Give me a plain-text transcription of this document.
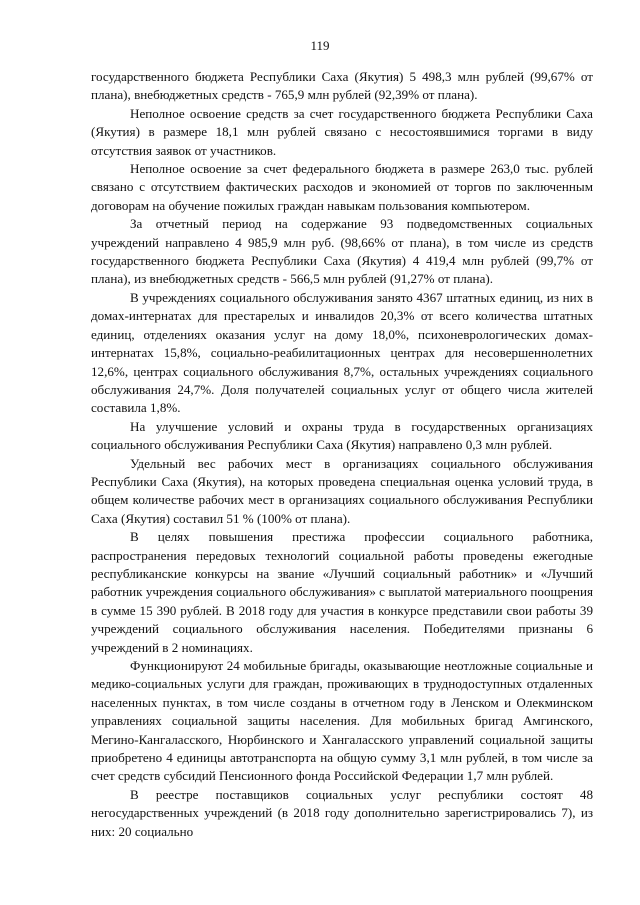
119

государственного бюджета Республики Саха (Якутия) 5 498,3 млн рублей (99,67% от плана), внебюджетных средств - 765,9 млн рублей (92,39% от плана).

Неполное освоение средств за счет государственного бюджета Республики Саха (Якутия) в размере 18,1 млн рублей связано с несостоявшимися торгами в виду отсутствия заявок от участников.

Неполное освоение за счет федерального бюджета в размере 263,0 тыс. рублей связано с отсутствием фактических расходов и экономией от торгов по заключенным договорам на обучение пожилых граждан навыкам пользования компьютером.

За отчетный период на содержание 93 подведомственных социальных учреждений направлено 4 985,9 млн руб. (98,66% от плана), в том числе из средств государственного бюджета Республики Саха (Якутия) 4 419,4 млн рублей (99,7% от плана), из внебюджетных средств - 566,5 млн рублей (91,27% от плана).

В учреждениях социального обслуживания занято 4367 штатных единиц, из них в домах-интернатах для престарелых и инвалидов 20,3% от всего количества штатных единиц, отделениях оказания услуг на дому 18,0%, психоневрологических домах-интернатах 15,8%, социально-реабилитационных центрах для несовершеннолетних 12,6%, центрах социального обслуживания 8,7%, остальных учреждениях социального обслуживания 24,7%. Доля получателей социальных услуг от общего числа жителей составила 1,8%.

На улучшение условий и охраны труда в государственных организациях социального обслуживания Республики Саха (Якутия) направлено 0,3 млн рублей.

Удельный вес рабочих мест в организациях социального обслуживания Республики Саха (Якутия), на которых проведена специальная оценка условий труда, в общем количестве рабочих мест в организациях социального обслуживания Республики Саха (Якутия) составил 51 % (100% от плана).

В целях повышения престижа профессии социального работника, распространения передовых технологий социальной работы проведены ежегодные республиканские конкурсы на звание «Лучший социальный работник» и «Лучший работник учреждения социального обслуживания» с выплатой материального поощрения в сумме 15 390 рублей. В 2018 году для участия в конкурсе представили свои работы 39 учреждений социального обслуживания населения. Победителями признаны 6 учреждений в 2 номинациях.

Функционируют 24 мобильные бригады, оказывающие неотложные социальные и медико-социальных услуги для граждан, проживающих в труднодоступных отдаленных населенных пунктах, в том числе созданы в отчетном году в Ленском и Олекминском управлениях социальной защиты населения. Для мобильных бригад Амгинского, Мегино-Кангаласского, Нюрбинского и Хангаласского управлений социальной защиты приобретено 4 единицы автотранспорта на общую сумму 3,1 млн рублей, в том числе за счет средств субсидий Пенсионного фонда Российской Федерации 1,7 млн рублей.

В реестре поставщиков социальных услуг республики состоят 48 негосударственных учреждений (в 2018 году дополнительно зарегистрировались 7), из них: 20 социально
